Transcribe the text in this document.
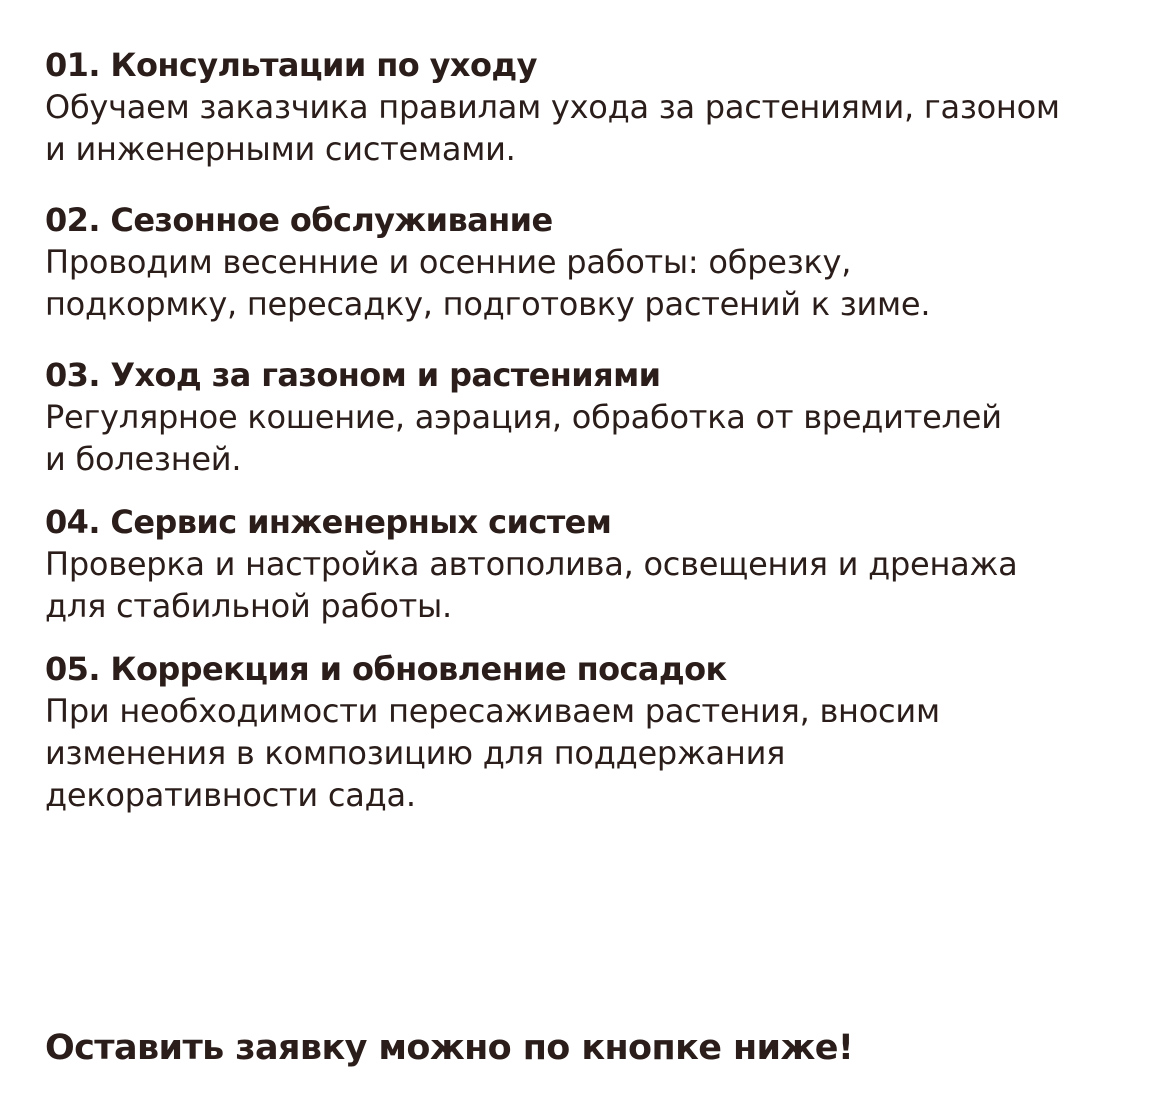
01. Консультации по уходу
Обучаем заказчика правилам ухода за растениями, газоном
и инженерными системами.
02. Сезонное обслуживание
Проводим весенние и осенние работы: обрезку,
подкормку, пересадку, подготовку растений к зиме.
03. Уход за газоном и растениями
Регулярное кошение, аэрация, обработка от вредителей
и болезней.
04. Сервис инженерных систем
Проверка и настройка автополива, освещения и дренажа
для стабильной работы.
05. Коррекция и обновление посадок
При необходимости пересаживаем растения, вносим
изменения в композицию для поддержания
декоративности сада.

Оставить заявку можно по кнопке ниже!
